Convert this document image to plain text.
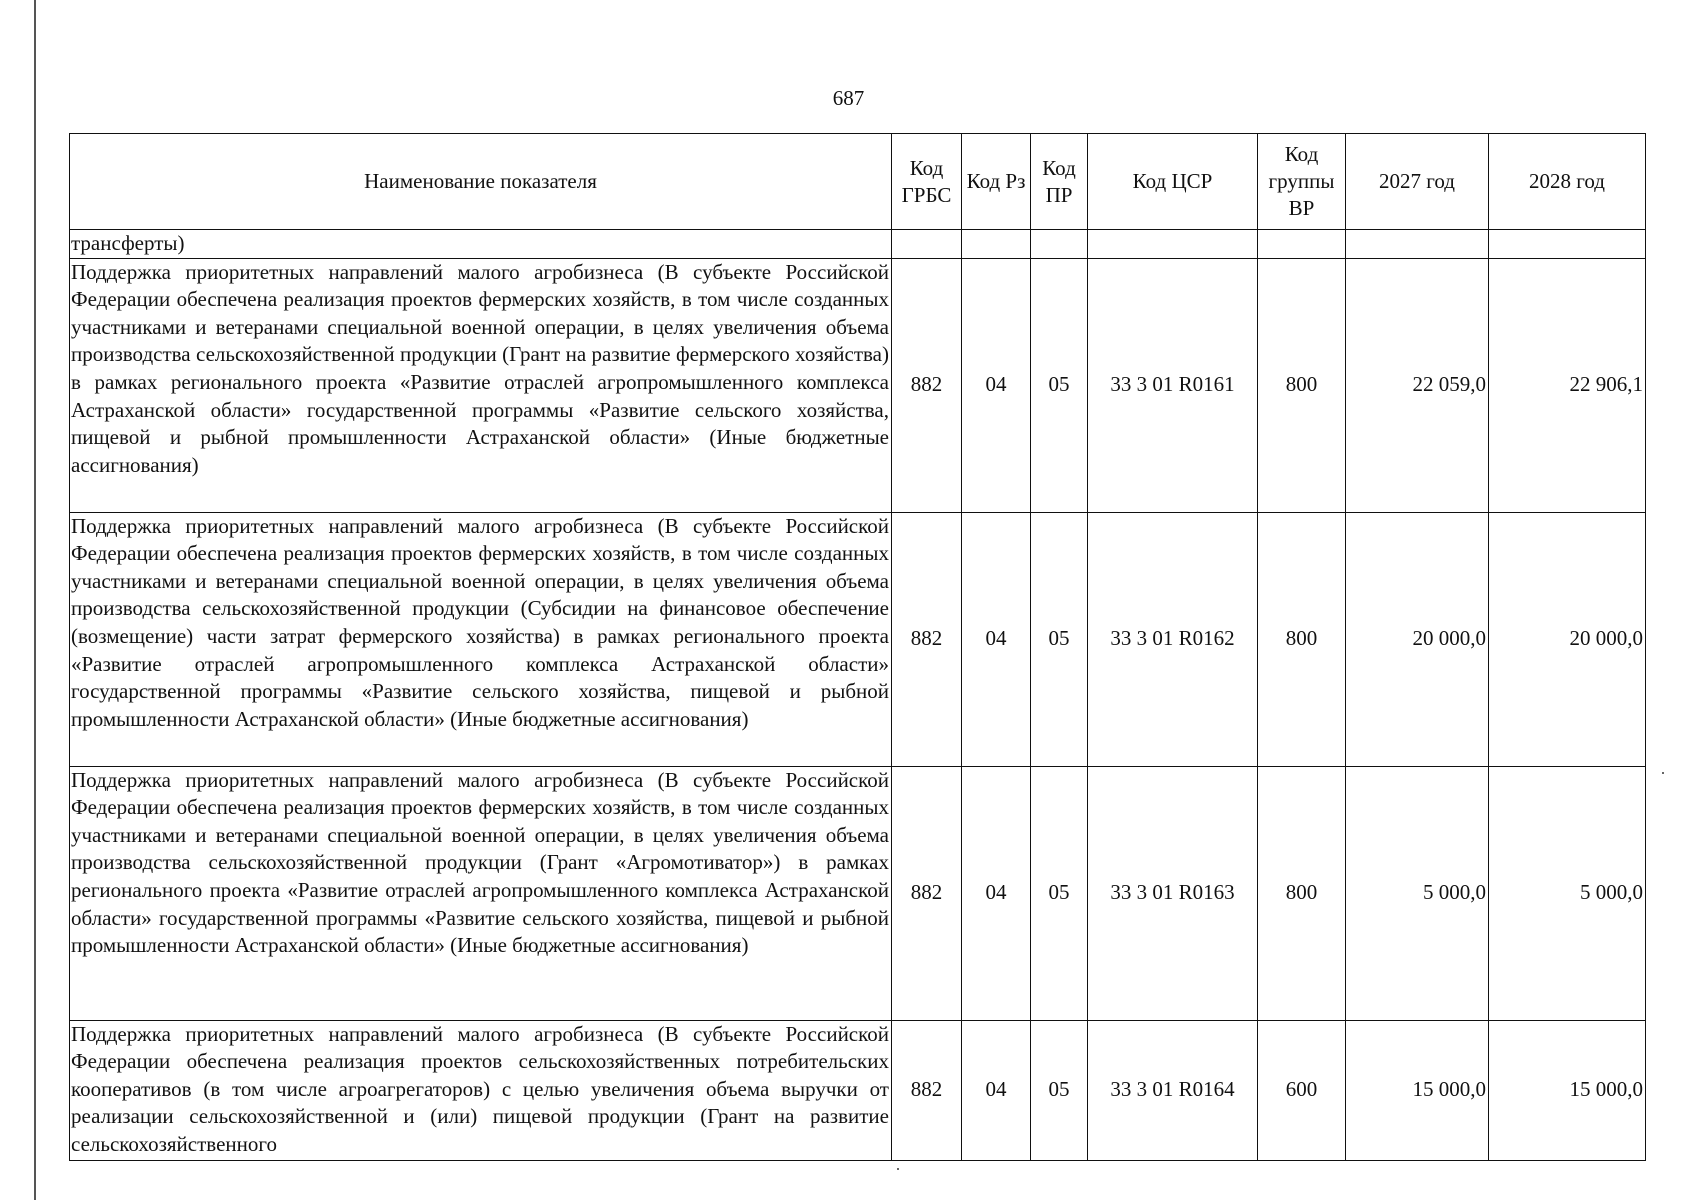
687
Наименование показателя	Код ГРБС	Код Рз	Код ПР	Код ЦСР	Код группы ВР	2027 год	2028 год
трансферты)							
Поддержка приоритетных направлений малого агробизнеса (В субъекте Российской Федерации обеспечена реализация проектов фермерских хозяйств, в том числе созданных участниками и ветеранами специальной военной операции, в целях увеличения объема производства сельскохозяйственной продукции (Грант на развитие фермерского хозяйства) в рамках регионального проекта «Развитие отраслей агропромышленного комплекса Астраханской области» государственной программы «Развитие сельского хозяйства, пищевой и рыбной промышленности Астраханской области» (Иные бюджетные ассигнования)	882	04	05	33 3 01 R0161	800	22 059,0	22 906,1
Поддержка приоритетных направлений малого агробизнеса (В субъекте Российской Федерации обеспечена реализация проектов фермерских хозяйств, в том числе созданных участниками и ветеранами специальной военной операции, в целях увеличения объема производства сельскохозяйственной продукции (Субсидии на финансовое обеспечение (возмещение) части затрат фермерского хозяйства) в рамках регионального проекта «Развитие отраслей агропромышленного комплекса Астраханской области» государственной программы «Развитие сельского хозяйства, пищевой и рыбной промышленности Астраханской области» (Иные бюджетные ассигнования)	882	04	05	33 3 01 R0162	800	20 000,0	20 000,0
Поддержка приоритетных направлений малого агробизнеса (В субъекте Российской Федерации обеспечена реализация проектов фермерских хозяйств, в том числе созданных участниками и ветеранами специальной военной операции, в целях увеличения объема производства сельскохозяйственной продукции (Грант «Агромотиватор») в рамках регионального проекта «Развитие отраслей агропромышленного комплекса Астраханской области» государственной программы «Развитие сельского хозяйства, пищевой и рыбной промышленности Астраханской области» (Иные бюджетные ассигнования)	882	04	05	33 3 01 R0163	800	5 000,0	5 000,0
Поддержка приоритетных направлений малого агробизнеса (В субъекте Российской Федерации обеспечена реализация проектов сельскохозяйственных потребительских кооперативов (в том числе агроагрегаторов) с целью увеличения объема выручки от реализации сельскохозяйственной и (или) пищевой продукции (Грант на развитие сельскохозяйственного	882	04	05	33 3 01 R0164	600	15 000,0	15 000,0
